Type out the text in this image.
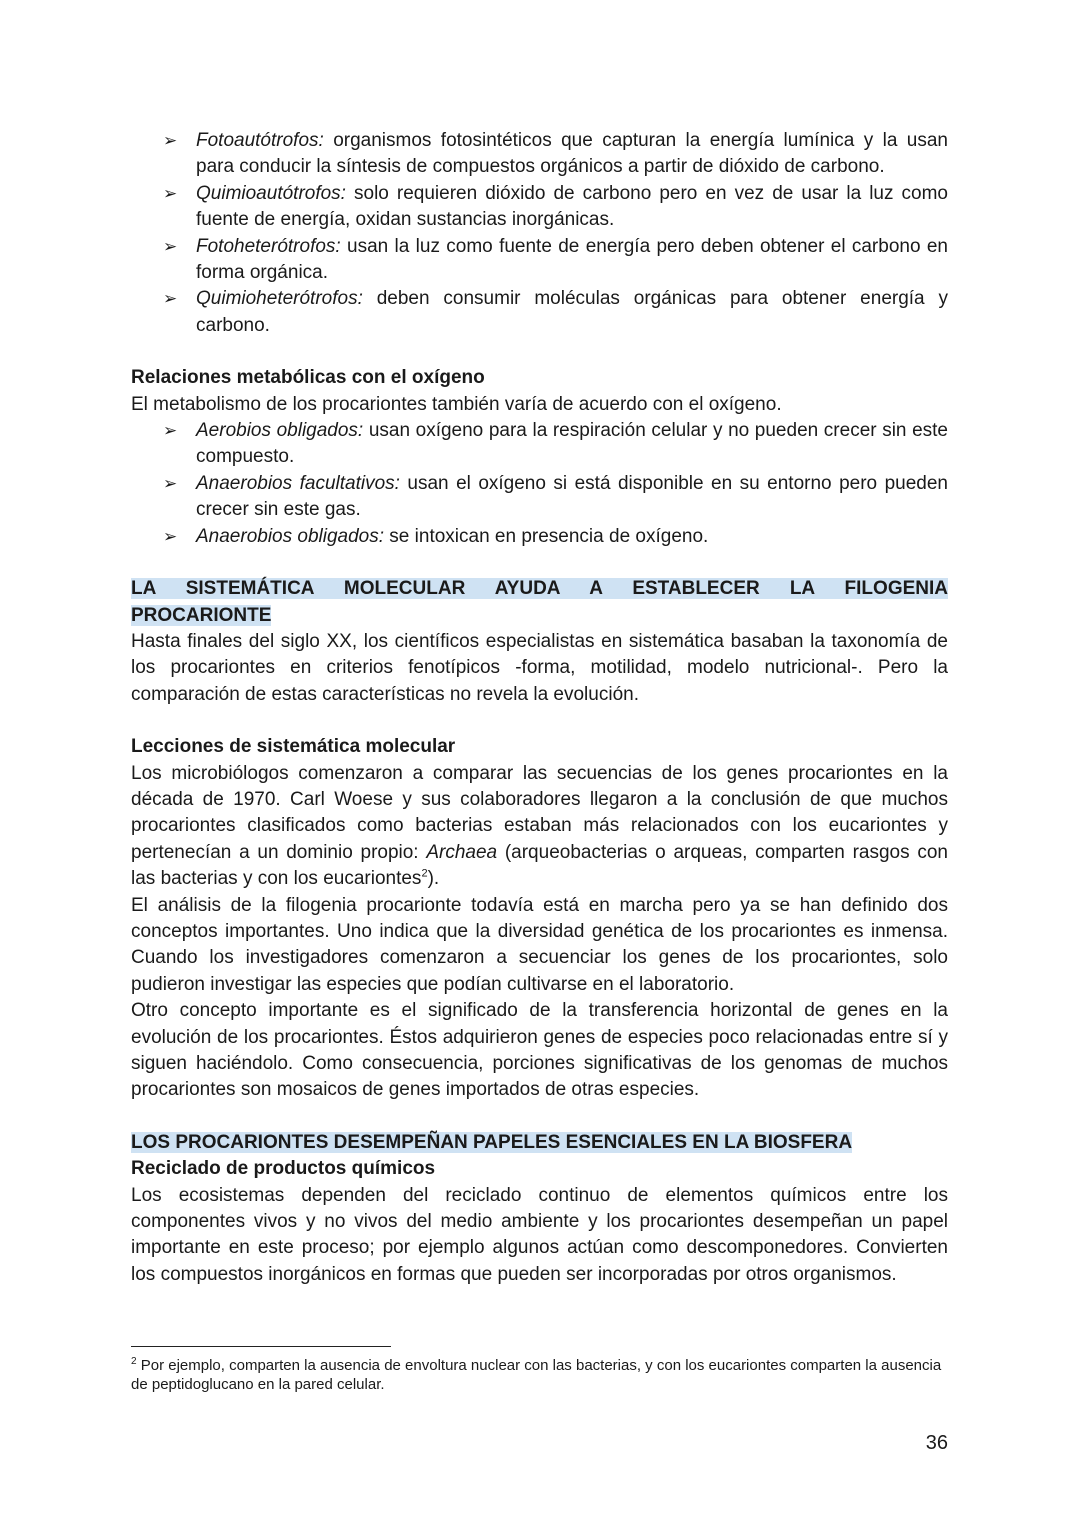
➢ Fotoautótrofos: organismos fotosintéticos que capturan la energía lumínica y la usan para conducir la síntesis de compuestos orgánicos a partir de dióxido de carbono.
➢ Quimioautótrofos: solo requieren dióxido de carbono pero en vez de usar la luz como fuente de energía, oxidan sustancias inorgánicas.
➢ Fotoheterótrofos: usan la luz como fuente de energía pero deben obtener el carbono en forma orgánica.
➢ Quimioheterótrofos: deben consumir moléculas orgánicas para obtener energía y carbono.

Relaciones metabólicas con el oxígeno

El metabolismo de los procariontes también varía de acuerdo con el oxígeno.

➢ Aerobios obligados: usan oxígeno para la respiración celular y no pueden crecer sin este compuesto.
➢ Anaerobios facultativos: usan el oxígeno si está disponible en su entorno pero pueden crecer sin este gas.
➢ Anaerobios obligados: se intoxican en presencia de oxígeno.

LA SISTEMÁTICA MOLECULAR AYUDA A ESTABLECER LA FILOGENIA

PROCARIONTE

Hasta finales del siglo XX, los científicos especialistas en sistemática basaban la taxonomía de los procariontes en criterios fenotípicos -forma, motilidad, modelo nutricional-. Pero la comparación de estas características no revela la evolución.

Lecciones de sistemática molecular

Los microbiólogos comenzaron a comparar las secuencias de los genes procariontes en la década de 1970. Carl Woese y sus colaboradores llegaron a la conclusión de que muchos procariontes clasificados como bacterias estaban más relacionados con los eucariontes y pertenecían a un dominio propio: Archaea (arqueobacterias o arqueas, comparten rasgos con las bacterias y con los eucariontes$^2$).

El análisis de la filogenia procarionte todavía está en marcha pero ya se han definido dos conceptos importantes. Uno indica que la diversidad genética de los procariontes es inmensa. Cuando los investigadores comenzaron a secuenciar los genes de los procariontes, solo pudieron investigar las especies que podían cultivarse en el laboratorio.

Otro concepto importante es el significado de la transferencia horizontal de genes en la evolución de los procariontes. Éstos adquirieron genes de especies poco relacionadas entre sí y siguen haciéndolo. Como consecuencia, porciones significativas de los genomas de muchos procariontes son mosaicos de genes importados de otras especies.

LOS PROCARIONTES DESEMPEÑAN PAPELES ESENCIALES EN LA BIOSFERA

Reciclado de productos químicos

Los ecosistemas dependen del reciclado continuo de elementos químicos entre los componentes vivos y no vivos del medio ambiente y los procariontes desempeñan un papel importante en este proceso; por ejemplo algunos actúan como descomponedores. Convierten los compuestos inorgánicos en formas que pueden ser incorporadas por otros organismos.

$^2$ Por ejemplo, comparten la ausencia de envoltura nuclear con las bacterias, y con los eucariontes comparten la ausencia de peptidoglucano en la pared celular.
36
